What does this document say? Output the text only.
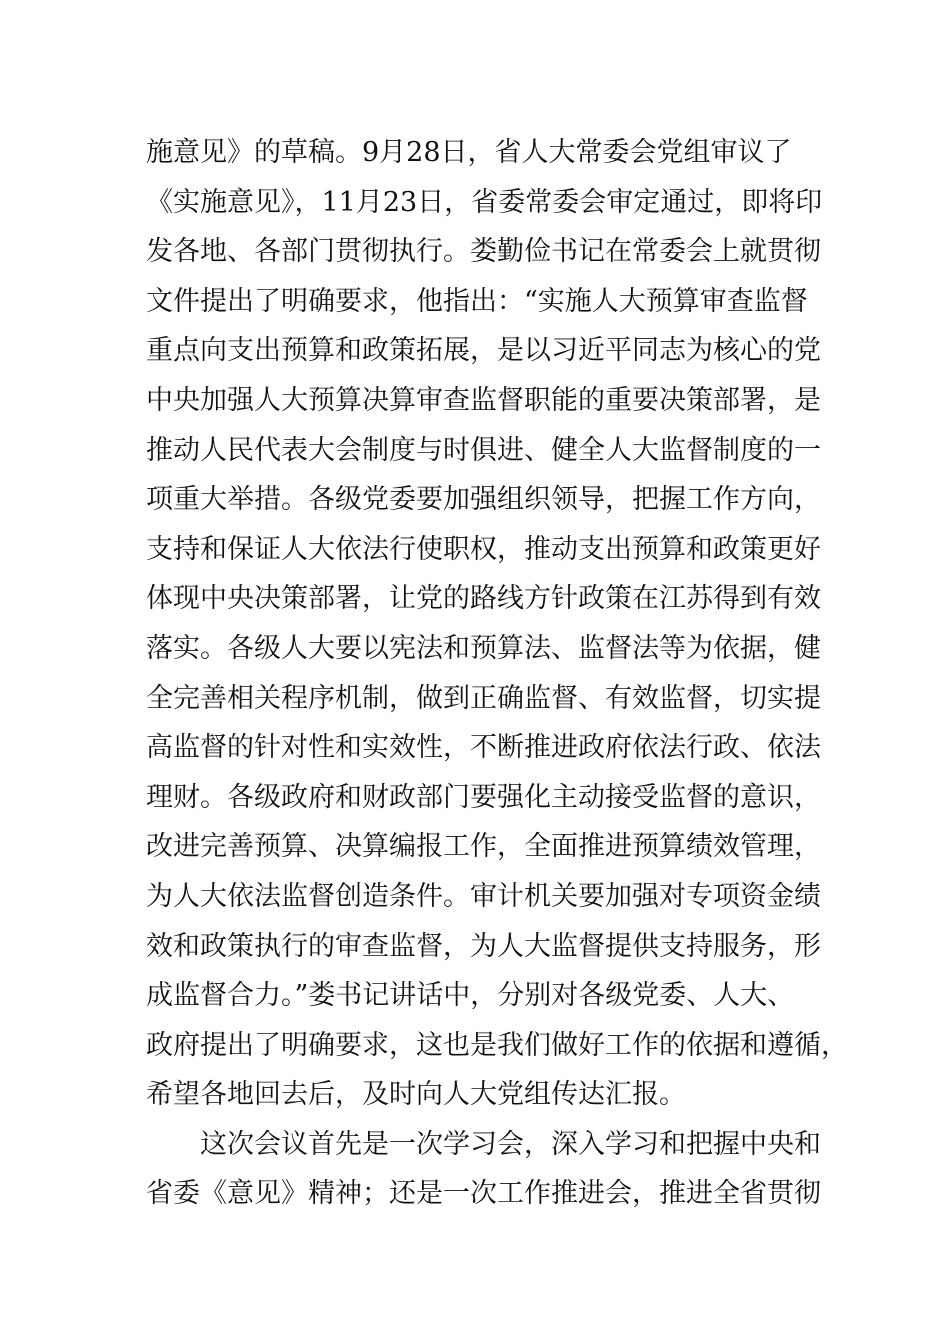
施意见》的草稿。9月28日，省人大常委会党组审议了
《实施意见》，11月23日，省委常委会审定通过，即将印
发各地、各部门贯彻执行。娄勤俭书记在常委会上就贯彻
文件提出了明确要求，他指出：“实施人大预算审查监督
重点向支出预算和政策拓展，是以习近平同志为核心的党
中央加强人大预算决算审查监督职能的重要决策部署，是
推动人民代表大会制度与时俱进、健全人大监督制度的一
项重大举措。各级党委要加强组织领导，把握工作方向，
支持和保证人大依法行使职权，推动支出预算和政策更好
体现中央决策部署，让党的路线方针政策在江苏得到有效
落实。各级人大要以宪法和预算法、监督法等为依据，健
全完善相关程序机制，做到正确监督、有效监督，切实提
高监督的针对性和实效性，不断推进政府依法行政、依法
理财。各级政府和财政部门要强化主动接受监督的意识，
改进完善预算、决算编报工作，全面推进预算绩效管理，
为人大依法监督创造条件。审计机关要加强对专项资金绩
效和政策执行的审查监督，为人大监督提供支持服务，形
成监督合力。”娄书记讲话中，分别对各级党委、人大、
政府提出了明确要求，这也是我们做好工作的依据和遵循，
希望各地回去后，及时向人大党组传达汇报。
这次会议首先是一次学习会，深入学习和把握中央和
省委《意见》精神；还是一次工作推进会，推进全省贯彻
